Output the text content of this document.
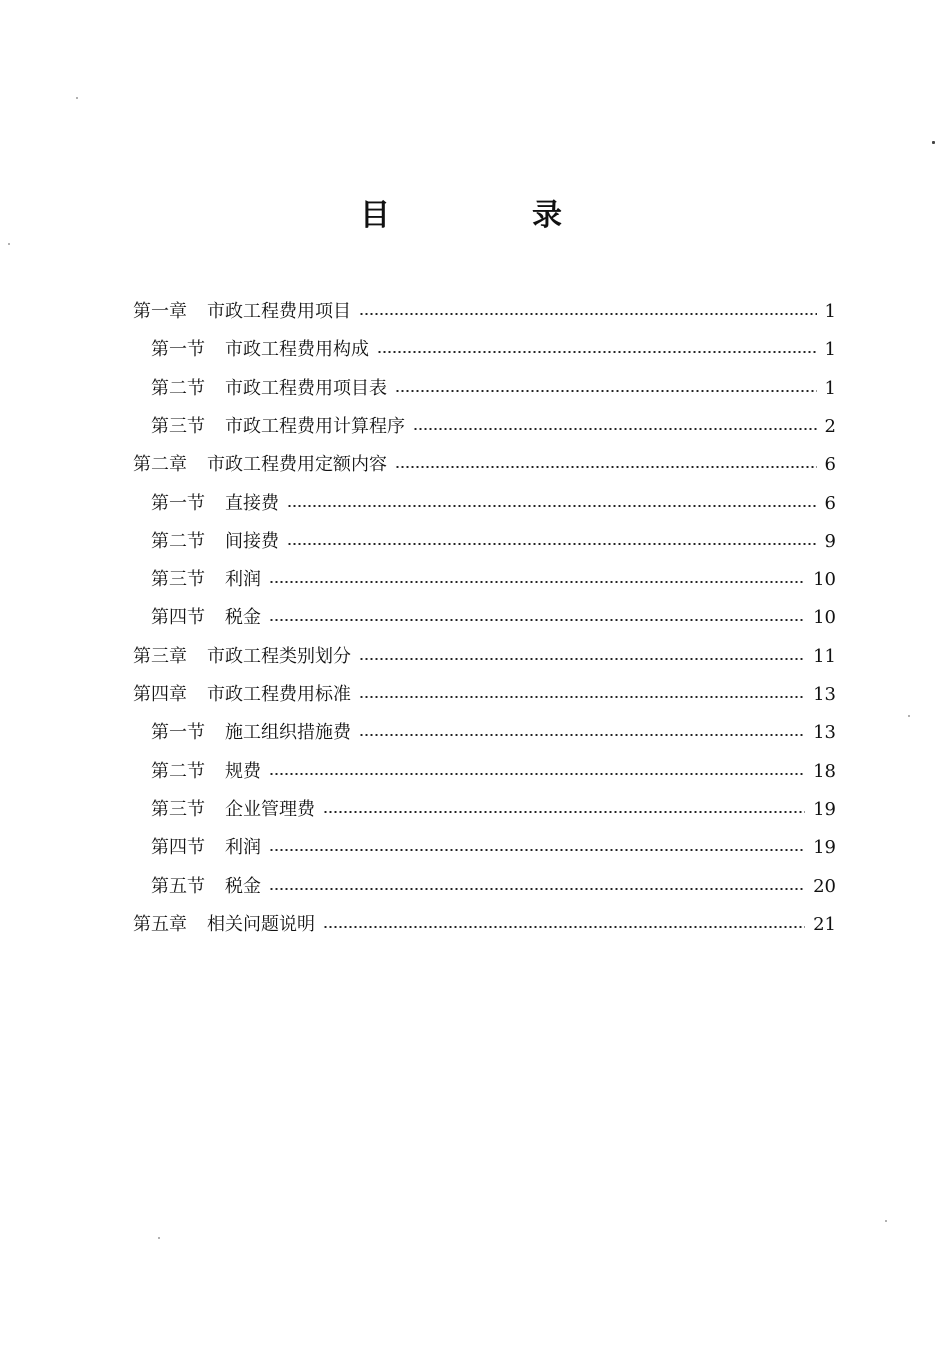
目　录
第一章 市政工程费用项目	1
第一节 市政工程费用构成	1
第二节 市政工程费用项目表	1
第三节 市政工程费用计算程序	2
第二章 市政工程费用定额内容	6
第一节 直接费	6
第二节 间接费	9
第三节 利润	10
第四节 税金	10
第三章 市政工程类别划分	11
第四章 市政工程费用标准	13
第一节 施工组织措施费	13
第二节 规费	18
第三节 企业管理费	19
第四节 利润	19
第五节 税金	20
第五章 相关问题说明	21
